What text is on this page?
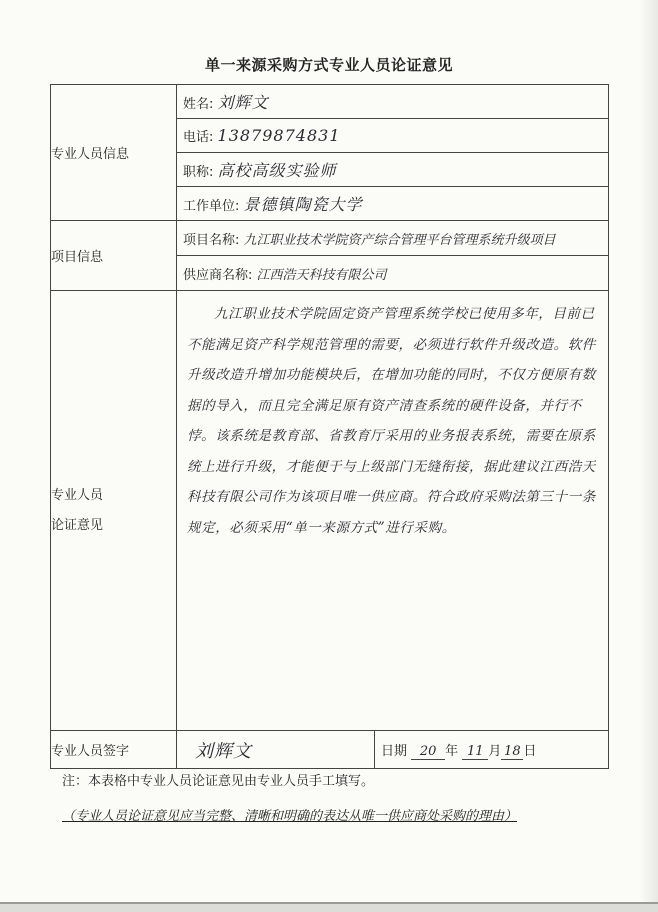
单一来源采购方式专业人员论证意见
专业人员信息	姓名: 刘辉文	

	电话: 13879874831	

	职称: 高校高级实验师	

	工作单位: 景德镇陶瓷大学	

项目信息	项目名称: 九江职业技术学院资产综合管理平台管理系统升级项目	

	供应商名称: 江西浩天科技有限公司	

专业人员
论证意见	九江职业技术学院固定资产管理系统学校已使用多年，目前已不能满足资产科学规范管理的需要，必须进行软件升级改造。软件升级改造升增加功能模块后，在增加功能的同时，不仅方便原有数据的导入，而且完全满足原有资产清查系统的硬件设备，并行不悖。该系统是教育部、省教育厅采用的业务报表系统，需要在原系统上进行升级，才能便于与上级部门无缝衔接，据此建议江西浩天科技有限公司作为该项目唯一供应商。符合政府采购法第三十一条规定，必须采用“单一来源方式”进行采购。	

专业人员签字	刘辉文	日期 20 年 11 月 18 日
注：本表格中专业人员论证意见由专业人员手工填写。
（专业人员论证意见应当完整、清晰和明确的表达从唯一供应商处采购的理由）
